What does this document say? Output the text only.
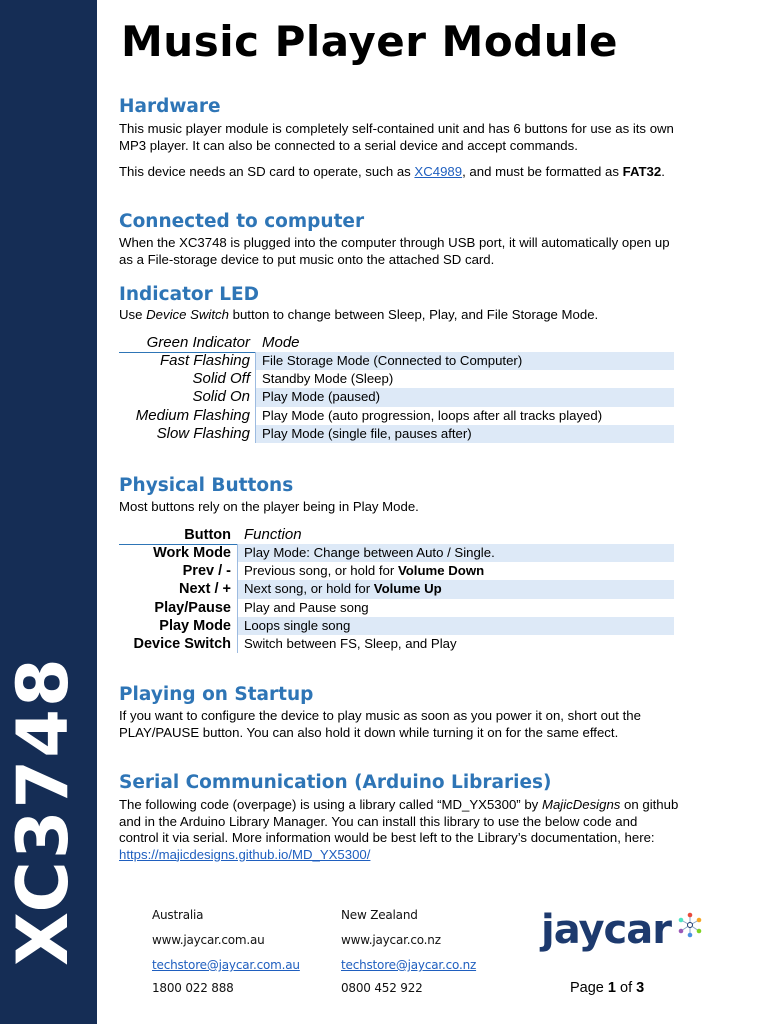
XC3748
Music Player Module
Hardware

This music player module is completely self-contained unit and has 6 buttons for use as its own MP3 player. It can also be connected to a serial device and accept commands.

This device needs an SD card to operate, such as XC4989, and must be formatted as FAT32.

Connected to computer

When the XC3748 is plugged into the computer through USB port, it will automatically open up as a File-storage device to put music onto the attached SD card.

Indicator LED

Use Device Switch button to change between Sleep, Play, and File Storage Mode.

Green Indicator Mode
Fast Flashing File Storage Mode (Connected to Computer)
Solid Off Standby Mode (Sleep)
Solid On Play Mode (paused)
Medium Flashing Play Mode (auto progression, loops after all tracks played)
Slow Flashing Play Mode (single file, pauses after)
Physical Buttons

Most buttons rely on the player being in Play Mode.

Button Function
Work Mode Play Mode: Change between Auto / Single.
Prev / - Previous song, or hold for Volume Down
Next / + Next song, or hold for Volume Up
Play/Pause Play and Pause song
Play Mode Loops single song
Device Switch Switch between FS, Sleep, and Play
Playing on Startup

If you want to configure the device to play music as soon as you power it on, short out the PLAY/PAUSE button. You can also hold it down while turning it on for the same effect.

Serial Communication (Arduino Libraries)

The following code (overpage) is using a library called “MD_YX5300” by MajicDesigns on github and in the Arduino Library Manager. You can install this library to use the below code and control it via serial. More information would be best left to the Library’s documentation, here: https://majicdesigns.github.io/MD_YX5300/

Australia
www.jaycar.com.au
techstore@jaycar.com.au
1800 022 888
New Zealand
www.jaycar.co.nz
techstore@jaycar.co.nz
0800 452 922
jaycar
Page 1 of 3
